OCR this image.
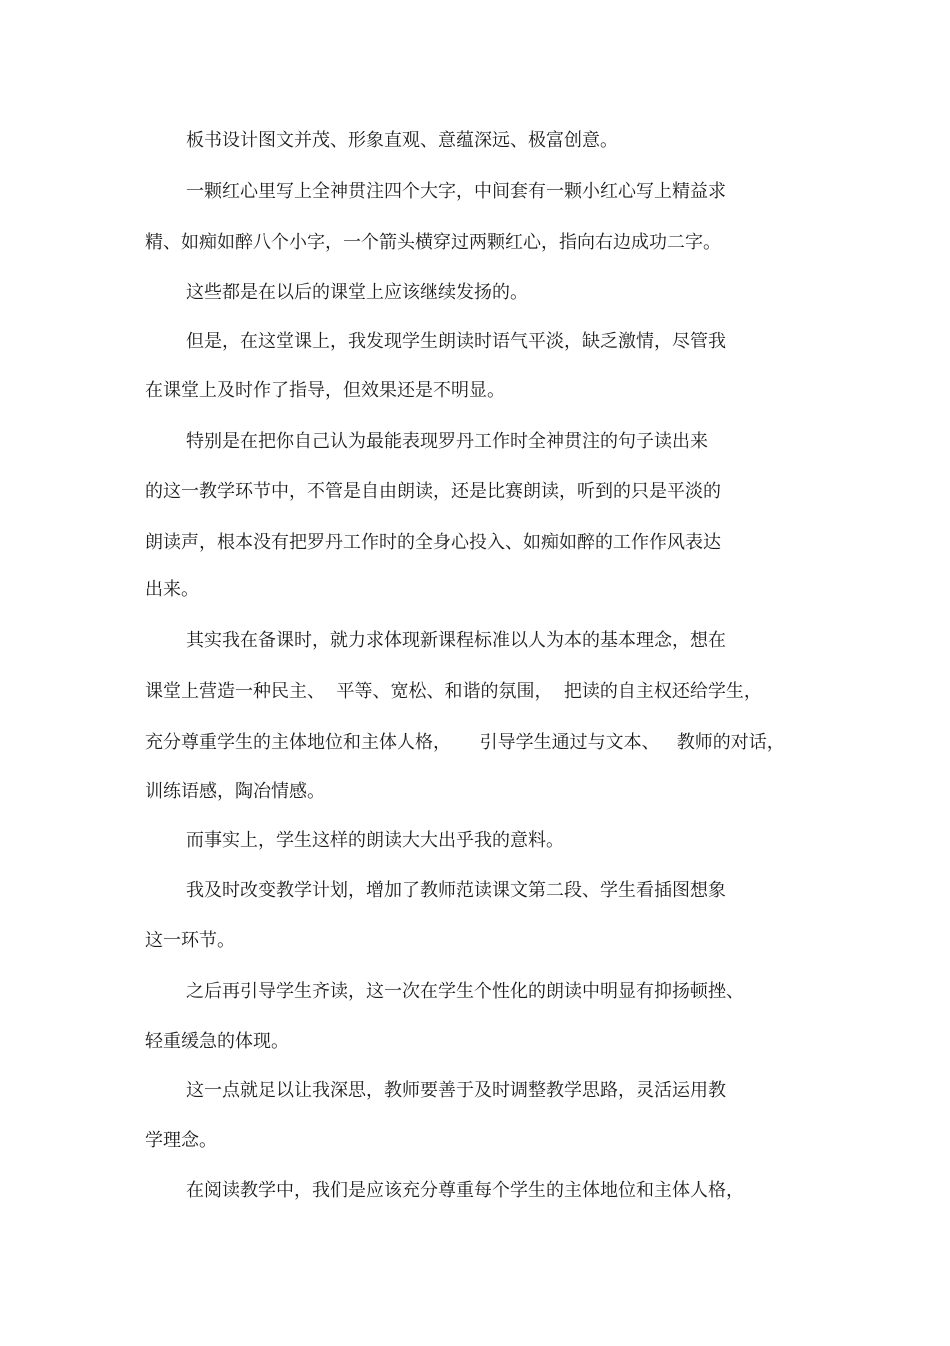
板书设计图文并茂、形象直观、意蕴深远、极富创意。

一颗红心里写上全神贯注四个大字，中间套有一颗小红心写上精益求

精、如痴如醉八个小字，一个箭头横穿过两颗红心，指向右边成功二字。

这些都是在以后的课堂上应该继续发扬的。

但是，在这堂课上，我发现学生朗读时语气平淡，缺乏激情，尽管我

在课堂上及时作了指导，但效果还是不明显。

特别是在把你自己认为最能表现罗丹工作时全神贯注的句子读出来

的这一教学环节中，不管是自由朗读，还是比赛朗读，听到的只是平淡的

朗读声，根本没有把罗丹工作时的全身心投入、如痴如醉的工作作风表达

出来。

其实我在备课时，就力求体现新课程标准以人为本的基本理念，想在

课堂上营造一种民主、  平等、宽松、和谐的氛围，  把读的自主权还给学生，

充分尊重学生的主体地位和主体人格，     引导学生通过与文本、   教师的对话，

训练语感，陶冶情感。

而事实上，学生这样的朗读大大出乎我的意料。

我及时改变教学计划，增加了教师范读课文第二段、学生看插图想象

这一环节。

之后再引导学生齐读，这一次在学生个性化的朗读中明显有抑扬顿挫、

轻重缓急的体现。

这一点就足以让我深思，教师要善于及时调整教学思路，灵活运用教

学理念。

在阅读教学中，我们是应该充分尊重每个学生的主体地位和主体人格，
